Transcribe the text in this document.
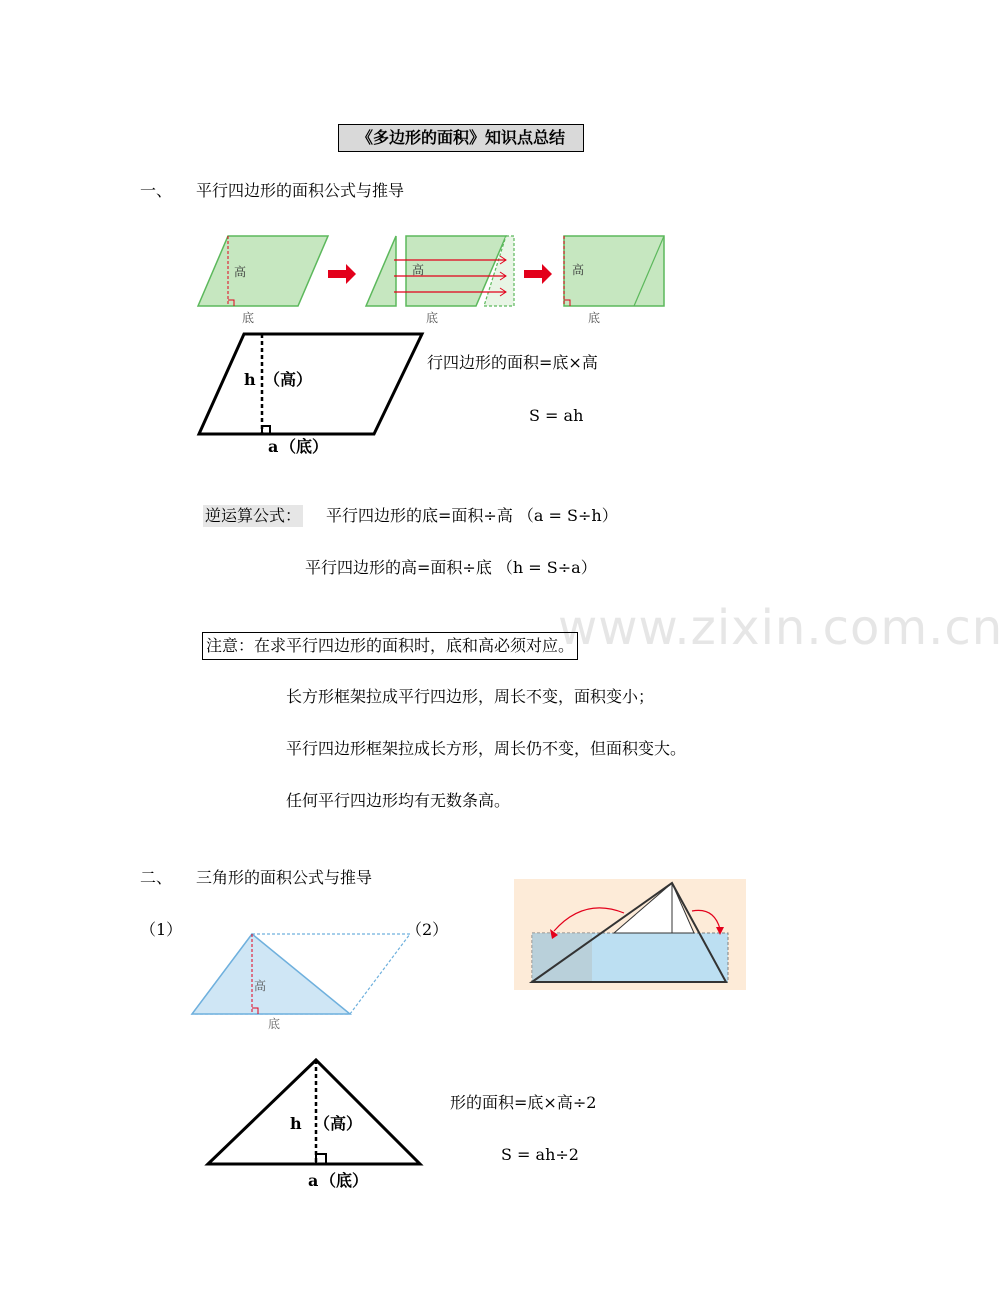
《多边形的面积》知识点总结
一、 平行四边形的面积公式与推导
高
底
高
底
高
底
h （高）
a （底）
行四边形的面积=底×高
S = ah
逆运算公式： 平行四边形的底=面积÷高 （a = S÷h）
平行四边形的高=面积÷底 （h = S÷a）
www.zixin.com.cn
注意：在求平行四边形的面积时，底和高必须对应。
长方形框架拉成平行四边形，周长不变，面积变小；
平行四边形框架拉成长方形，周长仍不变，但面积变大。
任何平行四边形均有无数条高。
二、 三角形的面积公式与推导
（1）	（2）
高
底
h （高）
a （底）
形的面积=底×高÷2
S = ah÷2
